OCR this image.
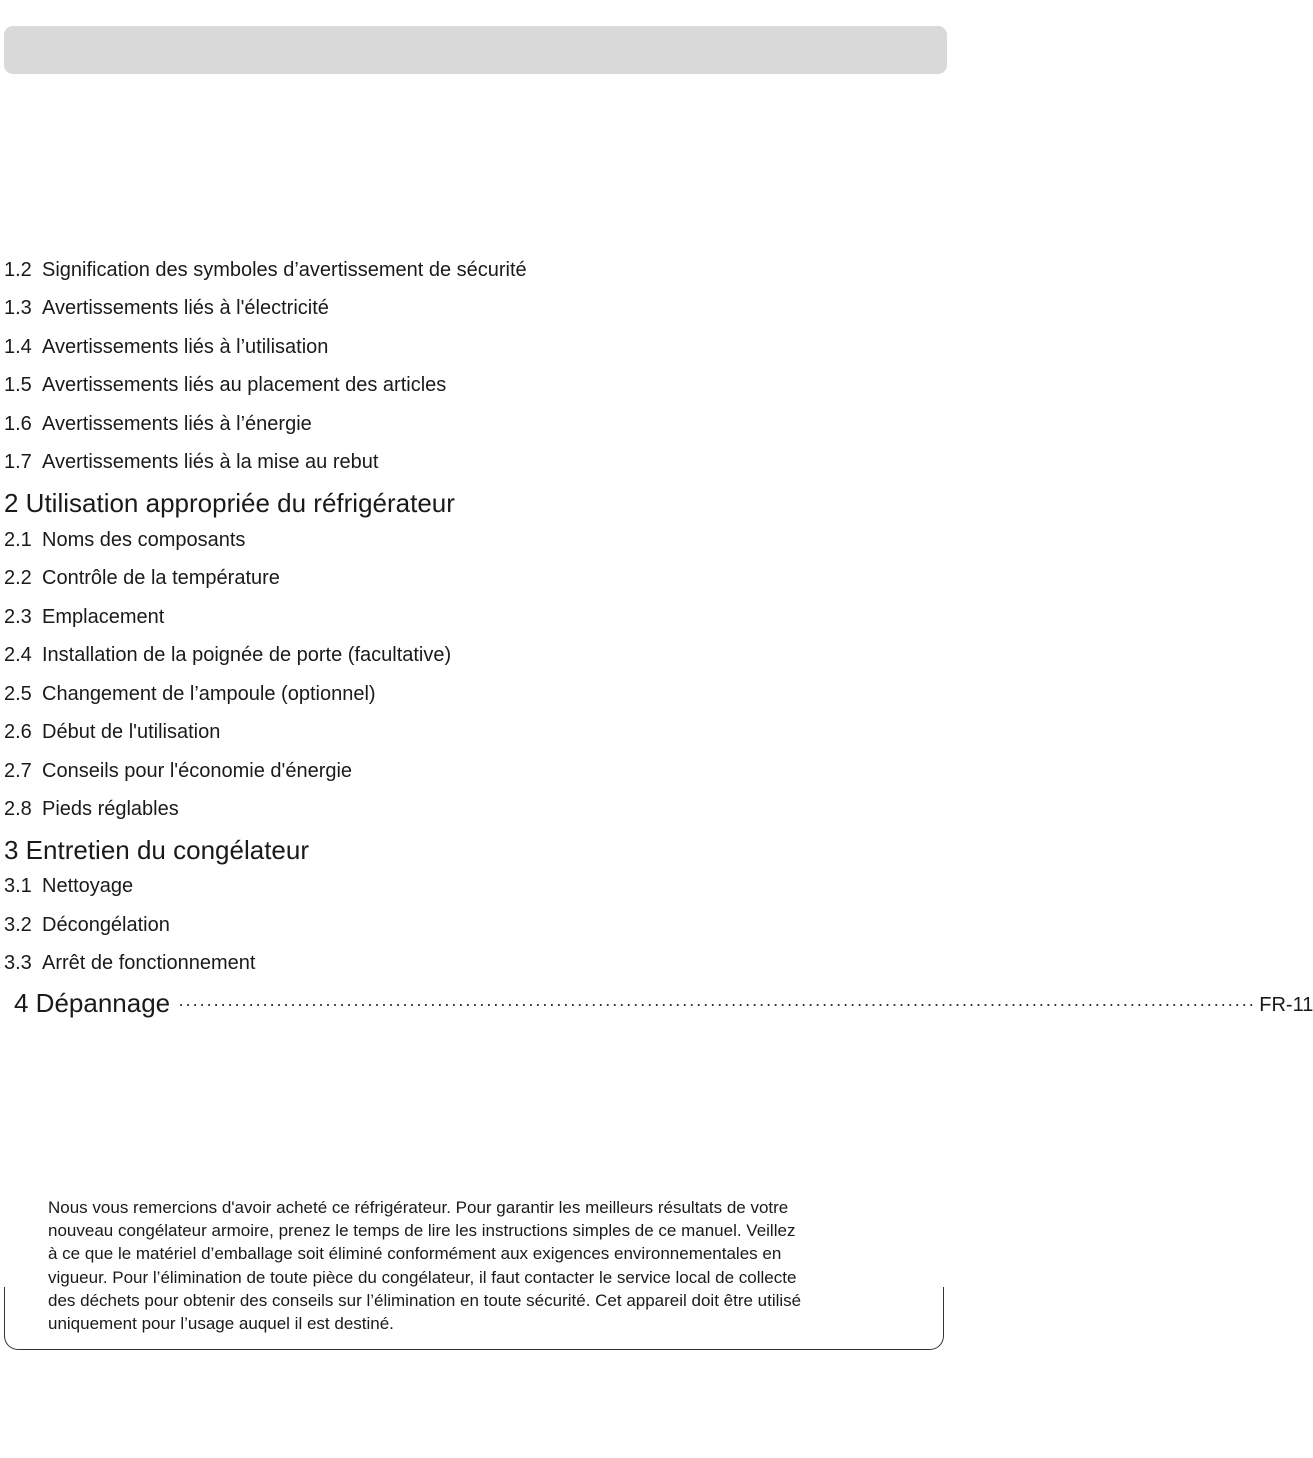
1.2 Signification des symboles d’avertissement de sécurité
1.3 Avertissements liés à l'électricité
1.4 Avertissements liés à l’utilisation
1.5 Avertissements liés au placement des articles
1.6 Avertissements liés à l’énergie
1.7 Avertissements liés à la mise au rebut
2 Utilisation appropriée du réfrigérateur
2.1 Noms des composants
2.2 Contrôle de la température
2.3 Emplacement
2.4 Installation de la poignée de porte (facultative)
2.5 Changement de l’ampoule (optionnel)
2.6 Début de l'utilisation
2.7 Conseils pour l'économie d'énergie
2.8 Pieds réglables
3 Entretien du congélateur
3.1 Nettoyage
3.2 Décongélation
3.3 Arrêt de fonctionnement
4 Dépannage ·························································································································································· FR-11
Nous vous remercions d'avoir acheté ce réfrigérateur. Pour garantir les meilleurs résultats de votre
nouveau congélateur armoire, prenez le temps de lire les instructions simples de ce manuel. Veillez
à ce que le matériel d’emballage soit éliminé conformément aux exigences environnementales en
vigueur. Pour l’élimination de toute pièce du congélateur, il faut contacter le service local de collecte
des déchets pour obtenir des conseils sur l’élimination en toute sécurité. Cet appareil doit être utilisé
uniquement pour l’usage auquel il est destiné.
